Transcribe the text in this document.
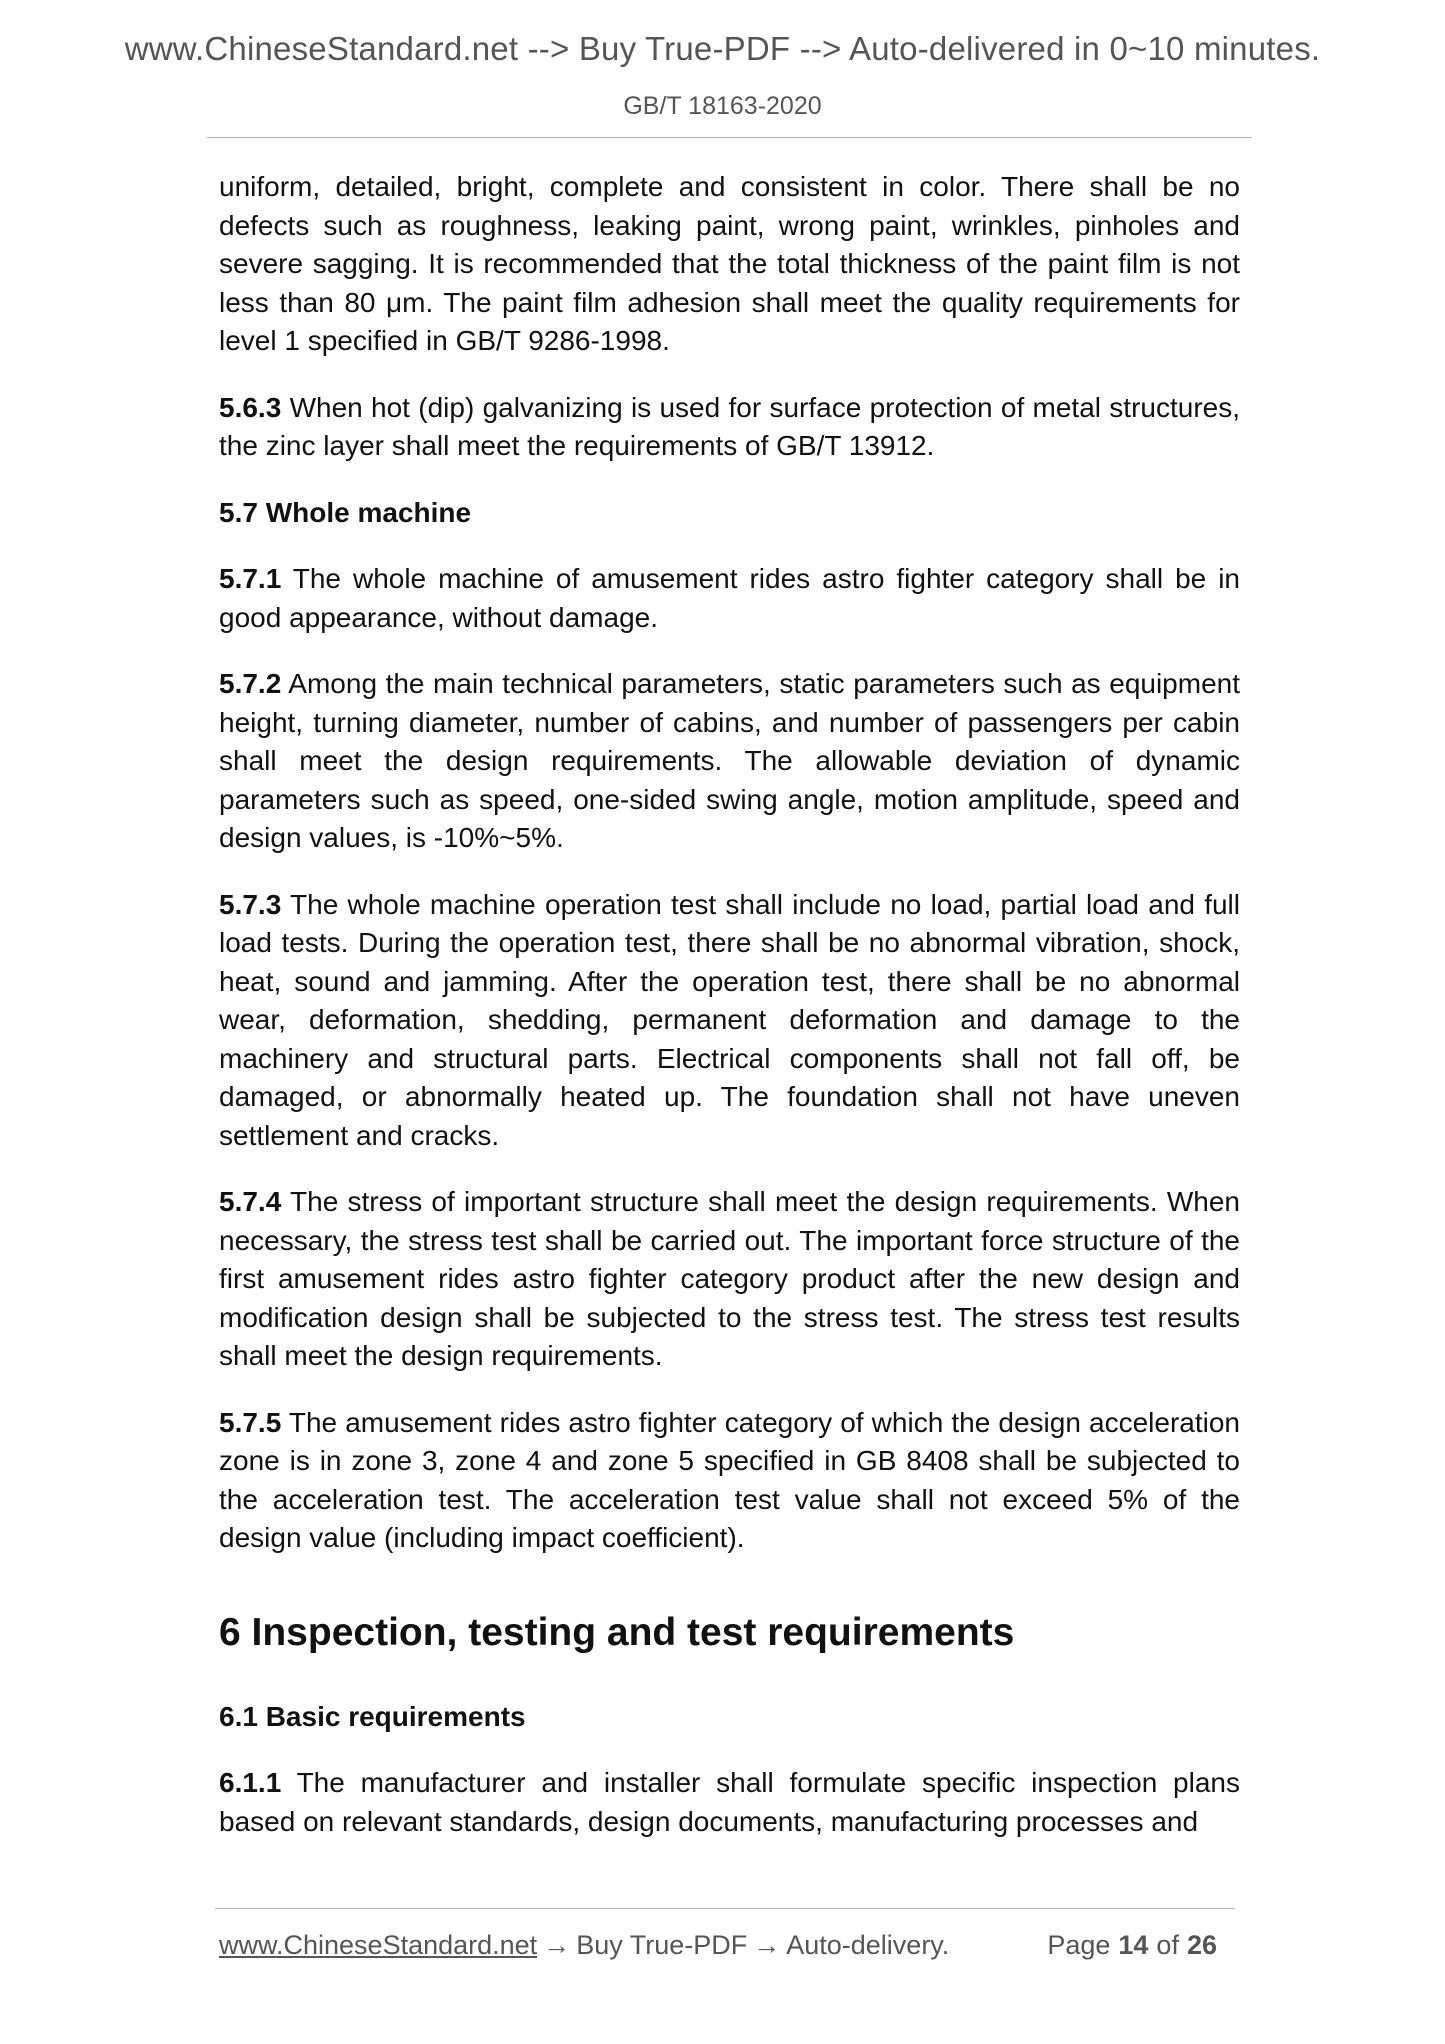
www.ChineseStandard.net --> Buy True-PDF --> Auto-delivered in 0~10 minutes.
GB/T 18163-2020

uniform, detailed, bright, complete and consistent in color. There shall be no defects such as roughness, leaking paint, wrong paint, wrinkles, pinholes and severe sagging. It is recommended that the total thickness of the paint film is not less than 80 μm. The paint film adhesion shall meet the quality requirements for level 1 specified in GB/T 9286-1998.

5.6.3 When hot (dip) galvanizing is used for surface protection of metal structures, the zinc layer shall meet the requirements of GB/T 13912.

5.7 Whole machine

5.7.1 The whole machine of amusement rides astro fighter category shall be in good appearance, without damage.

5.7.2 Among the main technical parameters, static parameters such as equipment height, turning diameter, number of cabins, and number of passengers per cabin shall meet the design requirements. The allowable deviation of dynamic parameters such as speed, one-sided swing angle, motion amplitude, speed and design values, is -10%~5%.

5.7.3 The whole machine operation test shall include no load, partial load and full load tests. During the operation test, there shall be no abnormal vibration, shock, heat, sound and jamming. After the operation test, there shall be no abnormal wear, deformation, shedding, permanent deformation and damage to the machinery and structural parts. Electrical components shall not fall off, be damaged, or abnormally heated up. The foundation shall not have uneven settlement and cracks.

5.7.4 The stress of important structure shall meet the design requirements. When necessary, the stress test shall be carried out. The important force structure of the first amusement rides astro fighter category product after the new design and modification design shall be subjected to the stress test. The stress test results shall meet the design requirements.

5.7.5 The amusement rides astro fighter category of which the design acceleration zone is in zone 3, zone 4 and zone 5 specified in GB 8408 shall be subjected to the acceleration test. The acceleration test value shall not exceed 5% of the design value (including impact coefficient).

6 Inspection, testing and test requirements
6.1 Basic requirements

6.1.1 The manufacturer and installer shall formulate specific inspection plans based on relevant standards, design documents, manufacturing processes and

www.ChineseStandard.net → Buy True-PDF → Auto-delivery.	Page 14 of 26
